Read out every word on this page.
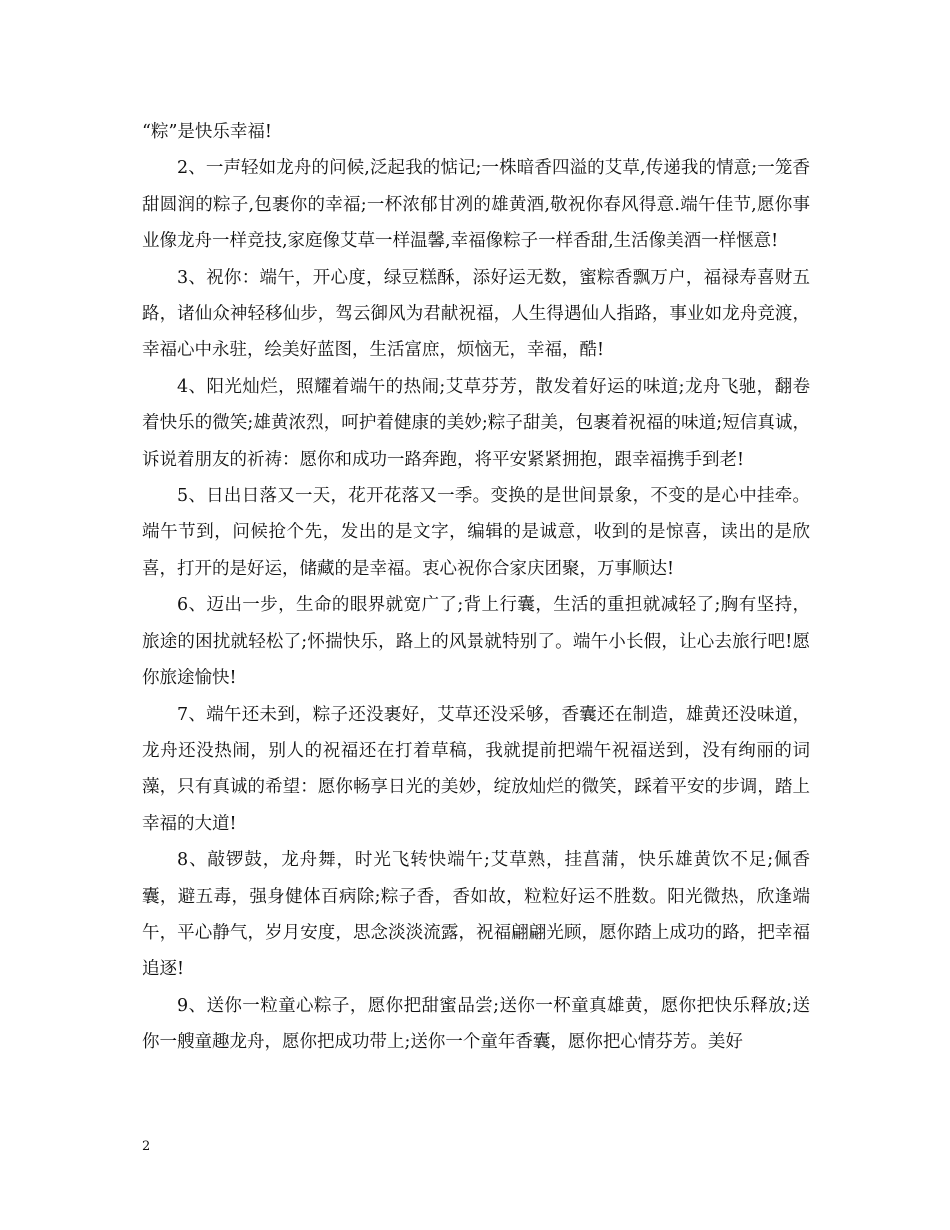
“粽”是快乐幸福!

2、一声轻如龙舟的问候,泛起我的惦记;一株暗香四溢的艾草,传递我的情意;一笼香甜圆润的粽子,包裹你的幸福;一杯浓郁甘冽的雄黄酒,敬祝你春风得意.端午佳节,愿你事业像龙舟一样竞技,家庭像艾草一样温馨,幸福像粽子一样香甜,生活像美酒一样惬意!

3、祝你：端午，开心度，绿豆糕酥，添好运无数，蜜粽香飘万户，福禄寿喜财五路，诸仙众神轻移仙步，驾云御风为君献祝福，人生得遇仙人指路，事业如龙舟竞渡，幸福心中永驻，绘美好蓝图，生活富庶，烦恼无，幸福，酷!

4、阳光灿烂，照耀着端午的热闹;艾草芬芳，散发着好运的味道;龙舟飞驰，翻卷着快乐的微笑;雄黄浓烈，呵护着健康的美妙;粽子甜美，包裹着祝福的味道;短信真诚，诉说着朋友的祈祷：愿你和成功一路奔跑，将平安紧紧拥抱，跟幸福携手到老!

5、日出日落又一天，花开花落又一季。变换的是世间景象，不变的是心中挂牵。端午节到，问候抢个先，发出的是文字，编辑的是诚意，收到的是惊喜，读出的是欣喜，打开的是好运，储藏的是幸福。衷心祝你合家庆团聚，万事顺达!

6、迈出一步，生命的眼界就宽广了;背上行囊，生活的重担就减轻了;胸有坚持，旅途的困扰就轻松了;怀揣快乐，路上的风景就特别了。端午小长假，让心去旅行吧!愿你旅途愉快!

7、端午还未到，粽子还没裹好，艾草还没采够，香囊还在制造，雄黄还没味道，龙舟还没热闹，别人的祝福还在打着草稿，我就提前把端午祝福送到，没有绚丽的词藻，只有真诚的希望：愿你畅享日光的美妙，绽放灿烂的微笑，踩着平安的步调，踏上幸福的大道!

8、敲锣鼓，龙舟舞，时光飞转快端午;艾草熟，挂菖蒲，快乐雄黄饮不足;佩香囊，避五毒，强身健体百病除;粽子香，香如故，粒粒好运不胜数。阳光微热，欣逢端午，平心静气，岁月安度，思念淡淡流露，祝福翩翩光顾，愿你踏上成功的路，把幸福追逐!

9、送你一粒童心粽子，愿你把甜蜜品尝;送你一杯童真雄黄，愿你把快乐释放;送你一艘童趣龙舟，愿你把成功带上;送你一个童年香囊，愿你把心情芬芳。美好

2
